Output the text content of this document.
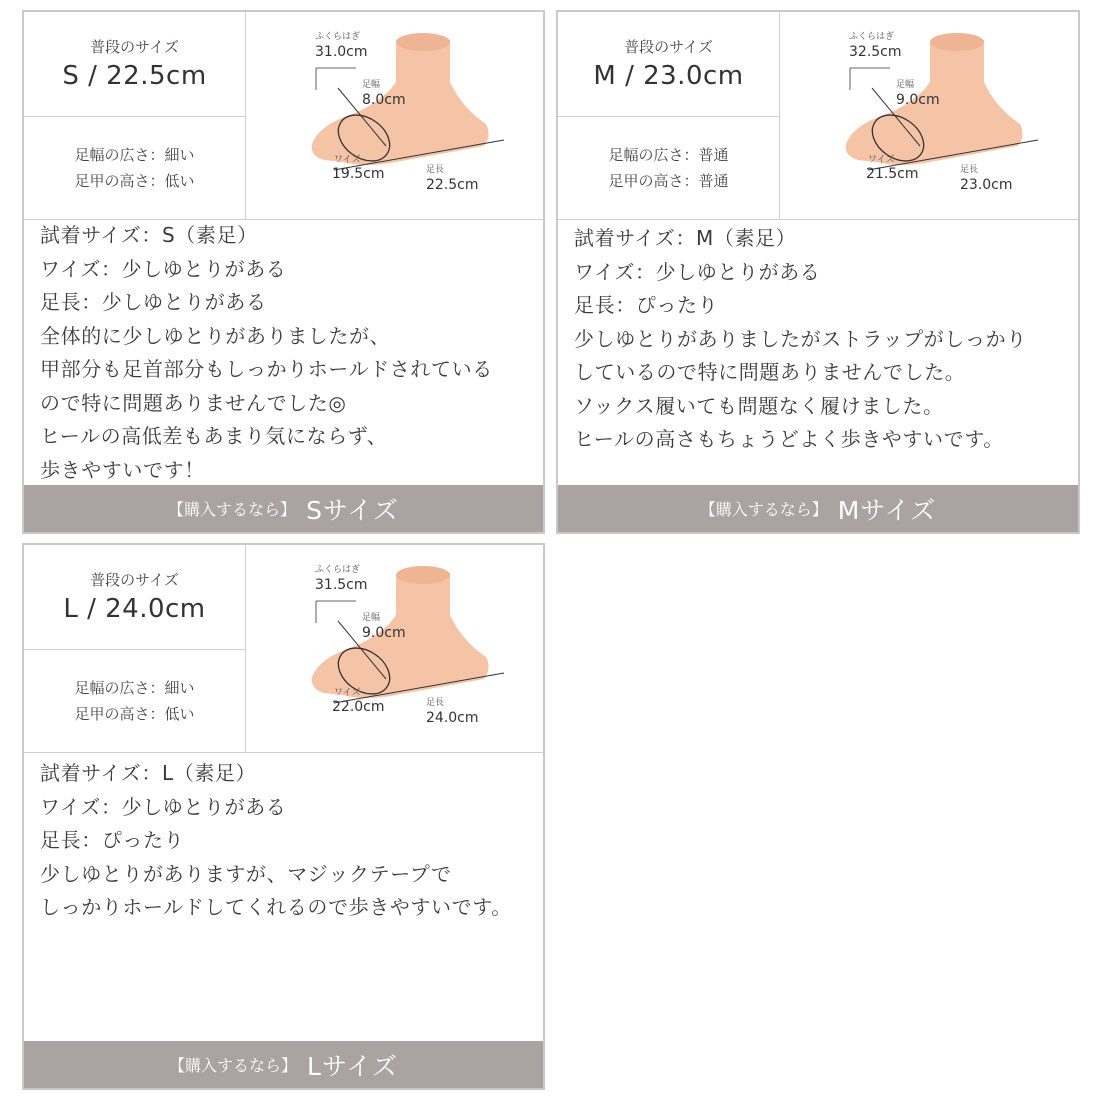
普段のサイズ
S / 22.5cm
足幅の広さ：細い
足甲の高さ：低い
ふくらはぎ
31.0cm
足幅
8.0cm
ワイズ
19.5cm	足長
22.5cm
試着サイズ：S（素足）
ワイズ：少しゆとりがある
足長：少しゆとりがある
全体的に少しゆとりがありましたが、
甲部分も足首部分もしっかりホールドされている
ので特に問題ありませんでした◎
ヒールの高低差もあまり気にならず、
歩きやすいです！
【購入するなら】 Sサイズ
普段のサイズ
M / 23.0cm
足幅の広さ：普通
足甲の高さ：普通
ふくらはぎ
32.5cm
足幅
9.0cm
ワイズ
21.5cm	足長
23.0cm
試着サイズ：M（素足）
ワイズ：少しゆとりがある
足長：ぴったり
少しゆとりがありましたがストラップがしっかり
しているので特に問題ありませんでした。
ソックス履いても問題なく履けました。
ヒールの高さもちょうどよく歩きやすいです。
【購入するなら】 Mサイズ
普段のサイズ
L / 24.0cm
足幅の広さ：細い
足甲の高さ：低い
ふくらはぎ
31.5cm
足幅
9.0cm
ワイズ
22.0cm	足長
24.0cm
試着サイズ：L（素足）
ワイズ：少しゆとりがある
足長：ぴったり
少しゆとりがありますが、マジックテープで
しっかりホールドしてくれるので歩きやすいです。
【購入するなら】 Lサイズ
